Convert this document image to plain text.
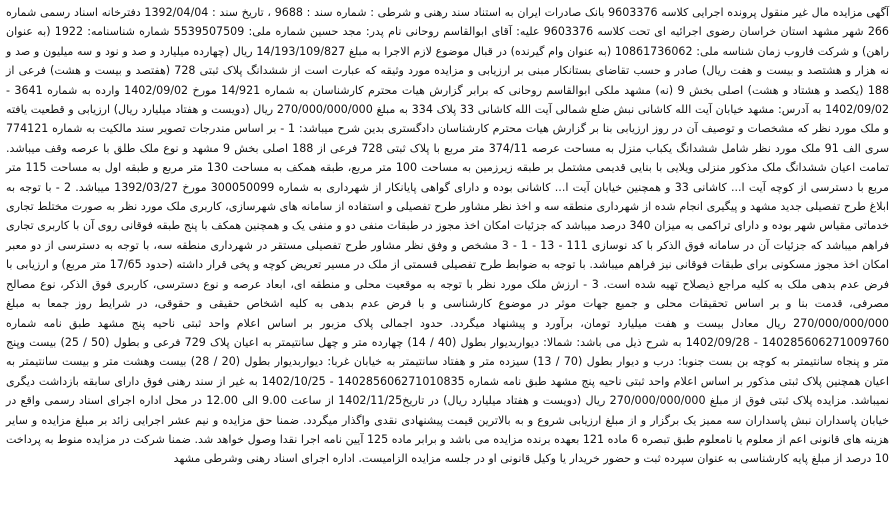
آگهی مزایده مال غیر منقول پرونده اجرایی کلاسه 9603376 بانک صادرات ایران به استناد سند رهنی و شرطی : شماره سند : 9688 ، تاریخ سند : 1392/04/04 دفترخانه اسناد رسمی شماره 266 شهر مشهد استان خراسان رضوی اجرائیه ای تحت کلاسه 9603376 علیه: آقای ابوالقاسم روحانی نام پدر: مجد حسین شماره ملی: 5539507509 شماره شناسنامه: 1922 (به عنوان راهن) و شرکت فاروب زمان شناسه ملی: 10861736062 (به عنوان وام گیرنده) در قبال موضوع لازم الاجرا به مبلغ 14/193/109/827 ریال (چهارده میلیارد و صد و نود و سه میلیون و صد و نه هزار و هشتصد و بیست و هفت ریال) صادر و حسب تقاضای بستانکار مبنی بر ارزیابی و مزایده مورد وثیقه که عبارت است از ششدانگ پلاک ثبتی 728 (هفتصد و بیست و هشت) فرعی از 188 (یکصد و هشتاد و هشت) اصلی بخش 9 (نه) مشهد ملکی ابوالقاسم روحانی که برابر گزارش هیات محترم کارشناسان به شماره 14/921 مورخ 1402/09/02 وارده به شماره 3641 - 1402/09/02 به آدرس: مشهد خیابان آیت الله کاشانی نبش ضلع شمالی آیت الله کاشانی 33 پلاک 334 به مبلغ 270/000/000/000 ریال (دویست و هفتاد میلیارد ریال) ارزیابی و قطعیت یافته و ملک مورد نظر که مشخصات و توصیف آن در روز ارزیابی بنا بر گزارش هیات محترم کارشناسان دادگستری بدین شرح میباشد: 1 - بر اساس مندرجات تصویر سند مالکیت به شماره 774121 سری الف 91 ملک مورد نظر شامل ششدانگ یکباب منزل به مساحت عرصه 374/11 متر مربع با پلاک ثبتی 728 فرعی از 188 اصلی بخش 9 مشهد و نوع ملک طلق با عرصه وقف میباشد. تمامت اعیان ششدانگ ملک مذکور منزلی ویلایی با بنایی قدیمی مشتمل بر طبقه زیرزمین به مساحت 100 متر مربع، طبقه همکف به مساحت 130 متر مربع و طبقه اول به مساحت 115 متر مربع با دسترسی از کوچه آیت ا... کاشانی 33 و همچنین خیابان آیت ا... کاشانی بوده و دارای گواهی پایانکار از شهرداری به شماره 300050099 مورخ 1392/03/27 میباشد. 2 - با توجه به ابلاغ طرح تفصیلی جدید مشهد و پیگیری انجام شده از شهرداری منطقه سه و اخذ نظر مشاور طرح تفصیلی و استفاده از سامانه های شهرسازی، کاربری ملک مورد نظر به صورت مختلط تجاری خدماتی مقیاس شهر بوده و دارای تراکمی به میزان 340 درصد میباشد که جزئیات امکان اخذ مجوز در طبقات منفی دو و منفی یک و همچنین همکف با پنج طبقه فوقانی روی آن با کاربری تجاری فراهم میباشد که جزئیات آن در سامانه فوق الذکر با کد نوسازی 111 - 13 - 1 - 3 مشخص و وفق نظر مشاور طرح تفصیلی مستقر در شهرداری منطقه سه، با توجه به دسترسی از دو معبر امکان اخذ مجوز مسکونی برای طبقات فوقانی نیز فراهم میباشد. با توجه به ضوابط طرح تفصیلی قسمتی از ملک در مسیر تعریض کوچه و پخی قرار داشته (حدود 17/65 متر مربع) و ارزیابی با فرض عدم بدهی ملک به کلیه مراجع ذیصلاح تهیه شده است. 3 - ارزش ملک مورد نظر با توجه به موقعیت محلی و منطقه ای، ابعاد عرصه و نوع دسترسی، کاربری فوق الذکر، نوع مصالح مصرفی، قدمت بنا و بر اساس تحقیقات محلی و جمیع جهات موثر در موضوع کارشناسی و با فرض عدم بدهی به کلیه اشخاص حقیقی و حقوقی، در شرایط روز جمعا به مبلغ 270/000/000/000 ریال معادل بیست و هفت میلیارد تومان، برآورد و پیشنهاد میگردد. حدود اجمالی پلاک مزبور بر اساس اعلام واحد ثبتی ناحیه پنج مشهد طبق نامه شماره 140285606271009760 - 1402/09/28 به شرح ذیل می باشد: شمالا: دیواربدیوار بطول (40 / 14) چهارده متر و چهل سانتیمتر به اعیان پلاک 729 فرعی و بطول (50 / 25) بیست وپنج متر و پنجاه سانتیمتر به کوچه بن بست جنوبا: درب و دیوار بطول (70 / 13) سیزده متر و هفتاد سانتیمتر به خیابان غربا: دیواربدیوار بطول (20 / 28) بیست وهشت متر و بیست سانتیمتر به اعیان همچنین پلاک ثبتی مذکور بر اساس اعلام واحد ثبتی ناحیه پنج مشهد طبق نامه شماره 140285606271010835 - 1402/10/25 به غیر از سند رهنی فوق دارای سابقه بازداشت دیگری نمیباشد. مزایده پلاک ثبتی فوق از مبلغ 270/000/000/000 ریال (دویست و هفتاد میلیارد ریال) در تاریخ1402/11/25 از ساعت 9.00 الی 12.00 در محل اداره اجرای اسناد رسمی واقع در خیابان پاسداران نبش پاسداران سه ممیز یک برگزار و از مبلغ ارزیابی شروع و به بالاترین قیمت پیشنهادی نقدی واگذار میگردد. ضمنا حق مزایده و نیم عشر اجرایی زائد بر مبلغ مزایده و سایر هزینه های قانونی اعم از معلوم یا نامعلوم طبق تبصره 6 ماده 121 بعهده برنده مزایده می باشد و برابر ماده 125 آیین نامه اجرا نقدا وصول خواهد شد. ضمنا شرکت در مزایده منوط به پرداخت 10 درصد از مبلغ پایه کارشناسی به عنوان سپرده ثبت و حضور خریدار یا وکیل قانونی او در جلسه مزایده الزامیست. اداره اجرای اسناد رهنی وشرطی مشهد
